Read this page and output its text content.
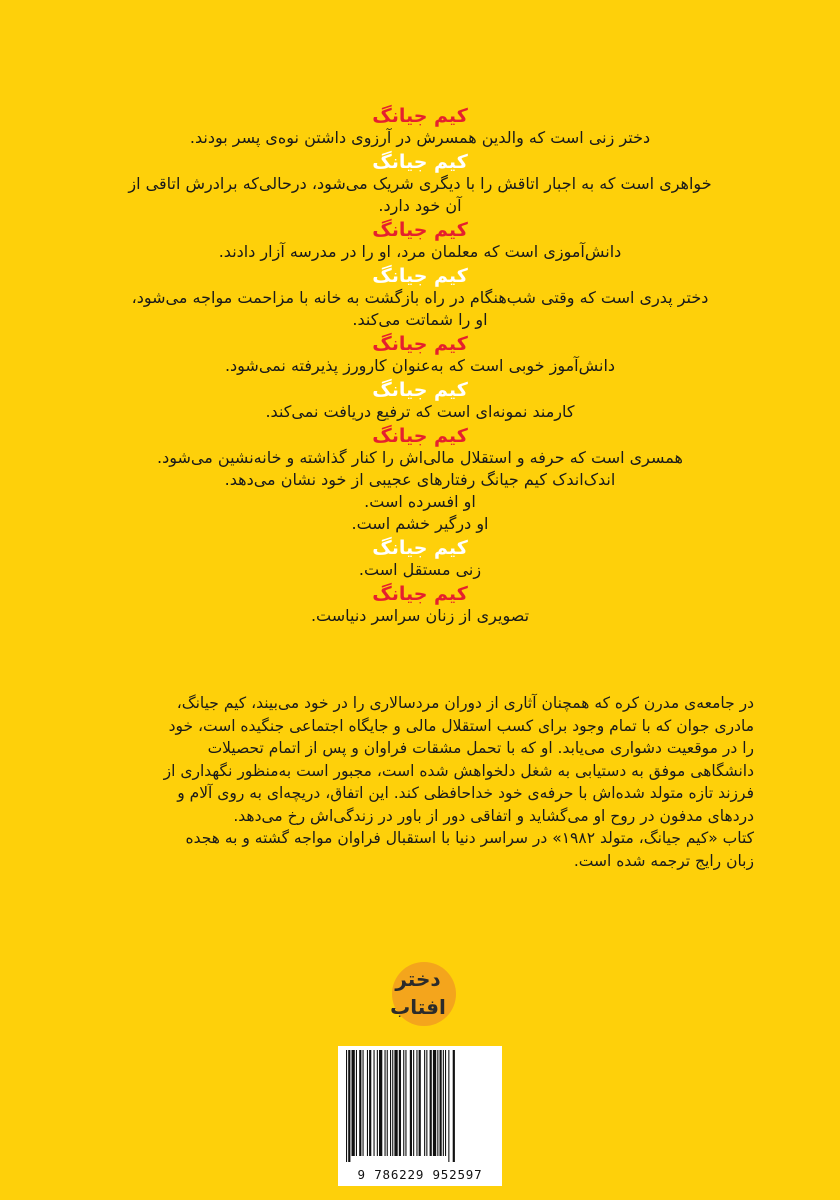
کیم جیانگ
دختر زنی است که والدین همسرش در آرزوی داشتن نوه‌ی پسر بودند.
کیم جیانگ
خواهری است که به اجبار اتاقش را با دیگری شریک می‌شود، درحالی‌که برادرش اتاقی از
آن خود دارد.
کیم جیانگ
دانش‌آموزی است که معلمان مرد، او را در مدرسه آزار دادند.
کیم جیانگ
دختر پدری است که وقتی شب‌هنگام در راه بازگشت به خانه با مزاحمت مواجه می‌شود،
او را شماتت می‌کند.
کیم جیانگ
دانش‌آموز خوبی است که به‌عنوان کارورز پذیرفته نمی‌شود.
کیم جیانگ
کارمند نمونه‌ای است که ترفیع دریافت نمی‌کند.
کیم جیانگ
همسری است که حرفه و استقلال مالی‌اش را کنار گذاشته و خانه‌نشین می‌شود.
اندک‌اندک کیم جیانگ رفتارهای عجیبی از خود نشان می‌دهد.
او افسرده است.
او درگیر خشم است.
کیم جیانگ
زنی مستقل است.
کیم جیانگ
تصویری از زنان سراسر دنیاست.
در جامعه‌ی مدرن کره که همچنان آثاری از دوران مردسالاری را در خود می‌بیند، کیم جیانگ،
مادری جوان که با تمام وجود برای کسب استقلال مالی و جایگاه اجتماعی جنگیده است، خود
را در موقعیت دشواری می‌یابد. او که با تحمل مشقات فراوان و پس از اتمام تحصیلات
دانشگاهی موفق به دستیابی به شغل دلخواهش شده است، مجبور است به‌منظور نگهداری از
فرزند تازه متولد شده‌اش با حرفه‌ی خود خداحافظی کند. این اتفاق، دریچه‌ای به روی آلام و
دردهای مدفون در روح او می‌گشاید و اتفاقی دور از باور در زندگی‌اش رخ می‌دهد.
کتاب «کیم جیانگ، متولد ۱۹۸۲» در سراسر دنیا با استقبال فراوان مواجه گشته و به هجده
زبان رایج ترجمه شده است.
دختر
افتاب
9 786229 952597
